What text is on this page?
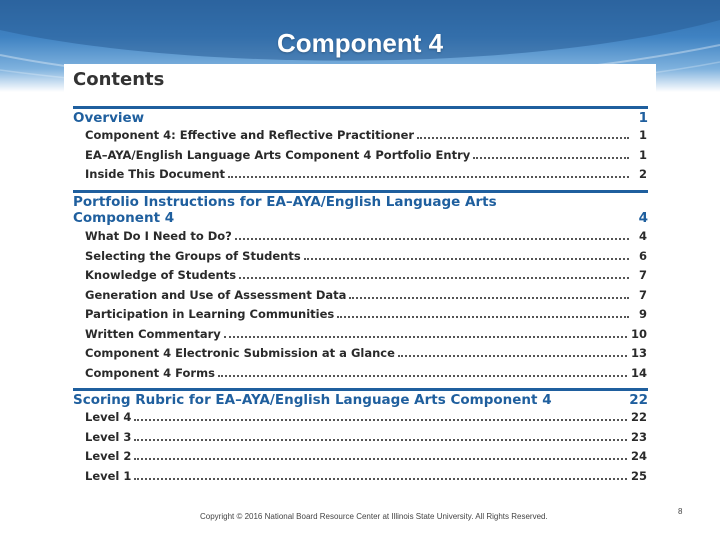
Component 4
Contents
Overview	1
Component 4: Effective and Reflective Practitioner	1
EA–AYA/English Language Arts Component 4 Portfolio Entry	1
Inside This Document	2
Portfolio Instructions for EA–AYA/English Language Arts
Component 4	4
What Do I Need to Do?	4
Selecting the Groups of Students	6
Knowledge of Students	7
Generation and Use of Assessment Data	7
Participation in Learning Communities	9
Written Commentary	10
Component 4 Electronic Submission at a Glance	13
Component 4 Forms	14
Scoring Rubric for EA–AYA/English Language Arts Component 4	22
Level 4	22
Level 3	23
Level 2	24
Level 1	25
Copyright © 2016 National Board Resource Center at Illinois State University. All Rights Reserved.
8
